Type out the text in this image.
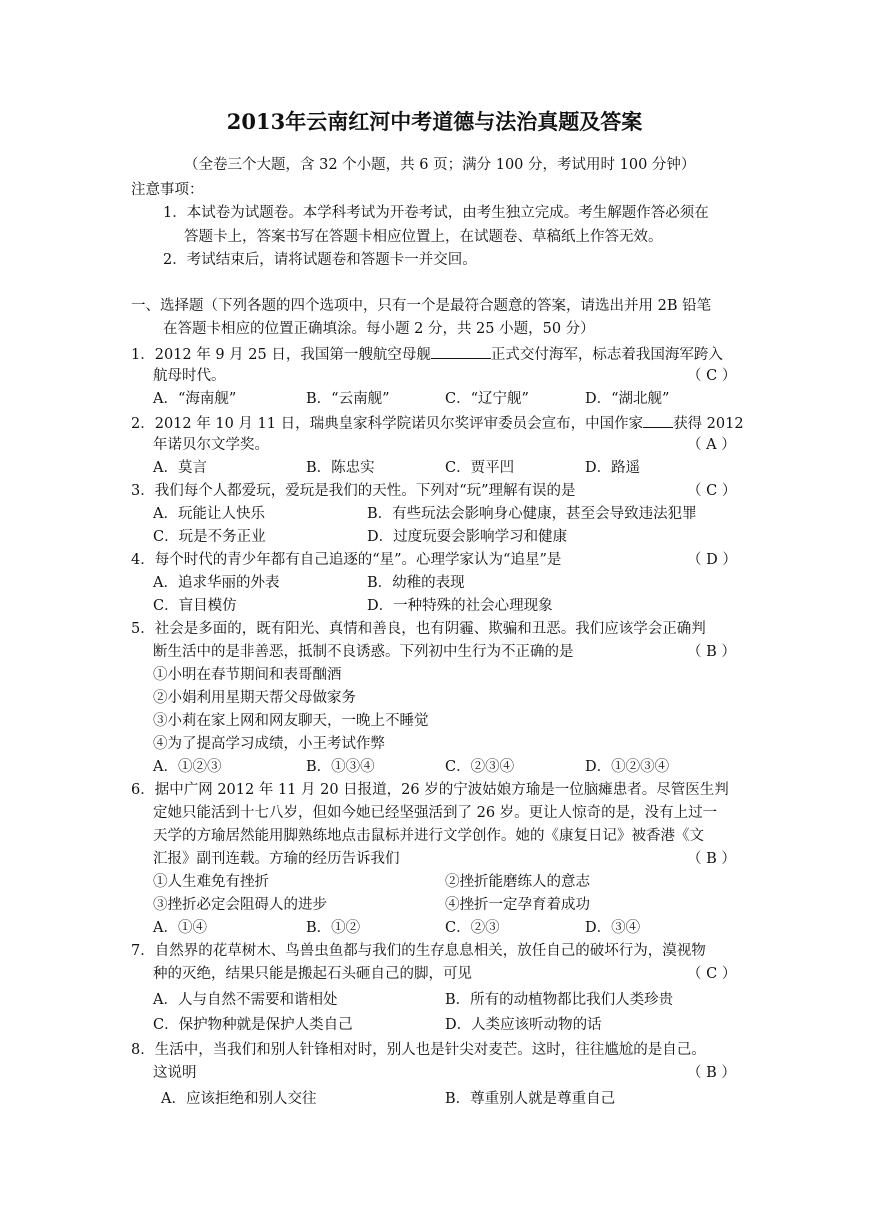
2013年云南红河中考道德与法治真题及答案
（全卷三个大题，含 32 个小题，共 6 页；满分 100 分，考试用时 100 分钟）
注意事项：
1．本试卷为试题卷。本学科考试为开卷考试，由考生独立完成。考生解题作答必须在
答题卡上，答案书写在答题卡相应位置上，在试题卷、草稿纸上作答无效。
2．考试结束后，请将试题卷和答题卡一并交回。
一、选择题（下列各题的四个选项中，只有一个是最符合题意的答案，请选出并用 2B 铅笔
在答题卡相应的位置正确填涂。每小题 2 分，共 25 小题，50 分）
1．2012 年 9 月 25 日，我国第一艘航空母舰	正式交付海军，标志着我国海军跨入
航母时代。	（ C ）
A．“海南舰”	B．“云南舰”	C．“辽宁舰”	D．“湖北舰”
2．2012 年 10 月 11 日，瑞典皇家科学院诺贝尔奖评审委员会宣布，中国作家 获得 2012
年诺贝尔文学奖。	（ A ）
A．莫言	B．陈忠实	C．贾平凹	D．路遥
3．我们每个人都爱玩，爱玩是我们的天性。下列对“玩”理解有误的是	（ C ）
A．玩能让人快乐	B．有些玩法会影响身心健康，甚至会导致违法犯罪
C．玩是不务正业	D．过度玩耍会影响学习和健康
4．每个时代的青少年都有自己追逐的“星”。心理学家认为“追星”是	（ D ）
A．追求华丽的外表	B．幼稚的表现
C．盲目模仿	D．一种特殊的社会心理现象
5．社会是多面的，既有阳光、真情和善良，也有阴霾、欺骗和丑恶。我们应该学会正确判
断生活中的是非善恶，抵制不良诱惑。下列初中生行为不正确的是	（ B ）
①小明在春节期间和表哥酗酒
②小娟利用星期天帮父母做家务
③小莉在家上网和网友聊天，一晚上不睡觉
④为了提高学习成绩，小王考试作弊
A．①②③	B．①③④	C．②③④	D．①②③④
6．据中广网 2012 年 11 月 20 日报道，26 岁的宁波姑娘方瑜是一位脑瘫患者。尽管医生判
定她只能活到十七八岁，但如今她已经坚强活到了 26 岁。更让人惊奇的是，没有上过一
天学的方瑜居然能用脚熟练地点击鼠标并进行文学创作。她的《康复日记》被香港《文
汇报》副刊连载。方瑜的经历告诉我们	（ B ）
①人生难免有挫折	②挫折能磨练人的意志
③挫折必定会阻碍人的进步	④挫折一定孕育着成功
A．①④	B．①②	C．②③	D．③④
7．自然界的花草树木、鸟兽虫鱼都与我们的生存息息相关，放任自己的破坏行为，漠视物
种的灭绝，结果只能是搬起石头砸自己的脚，可见	（ C ）
A．人与自然不需要和谐相处	B．所有的动植物都比我们人类珍贵
C．保护物种就是保护人类自己	D．人类应该听动物的话
8．生活中，当我们和别人针锋相对时，别人也是针尖对麦芒。这时，往往尴尬的是自己。
这说明	（ B ）
A．应该拒绝和别人交往	B．尊重别人就是尊重自己
